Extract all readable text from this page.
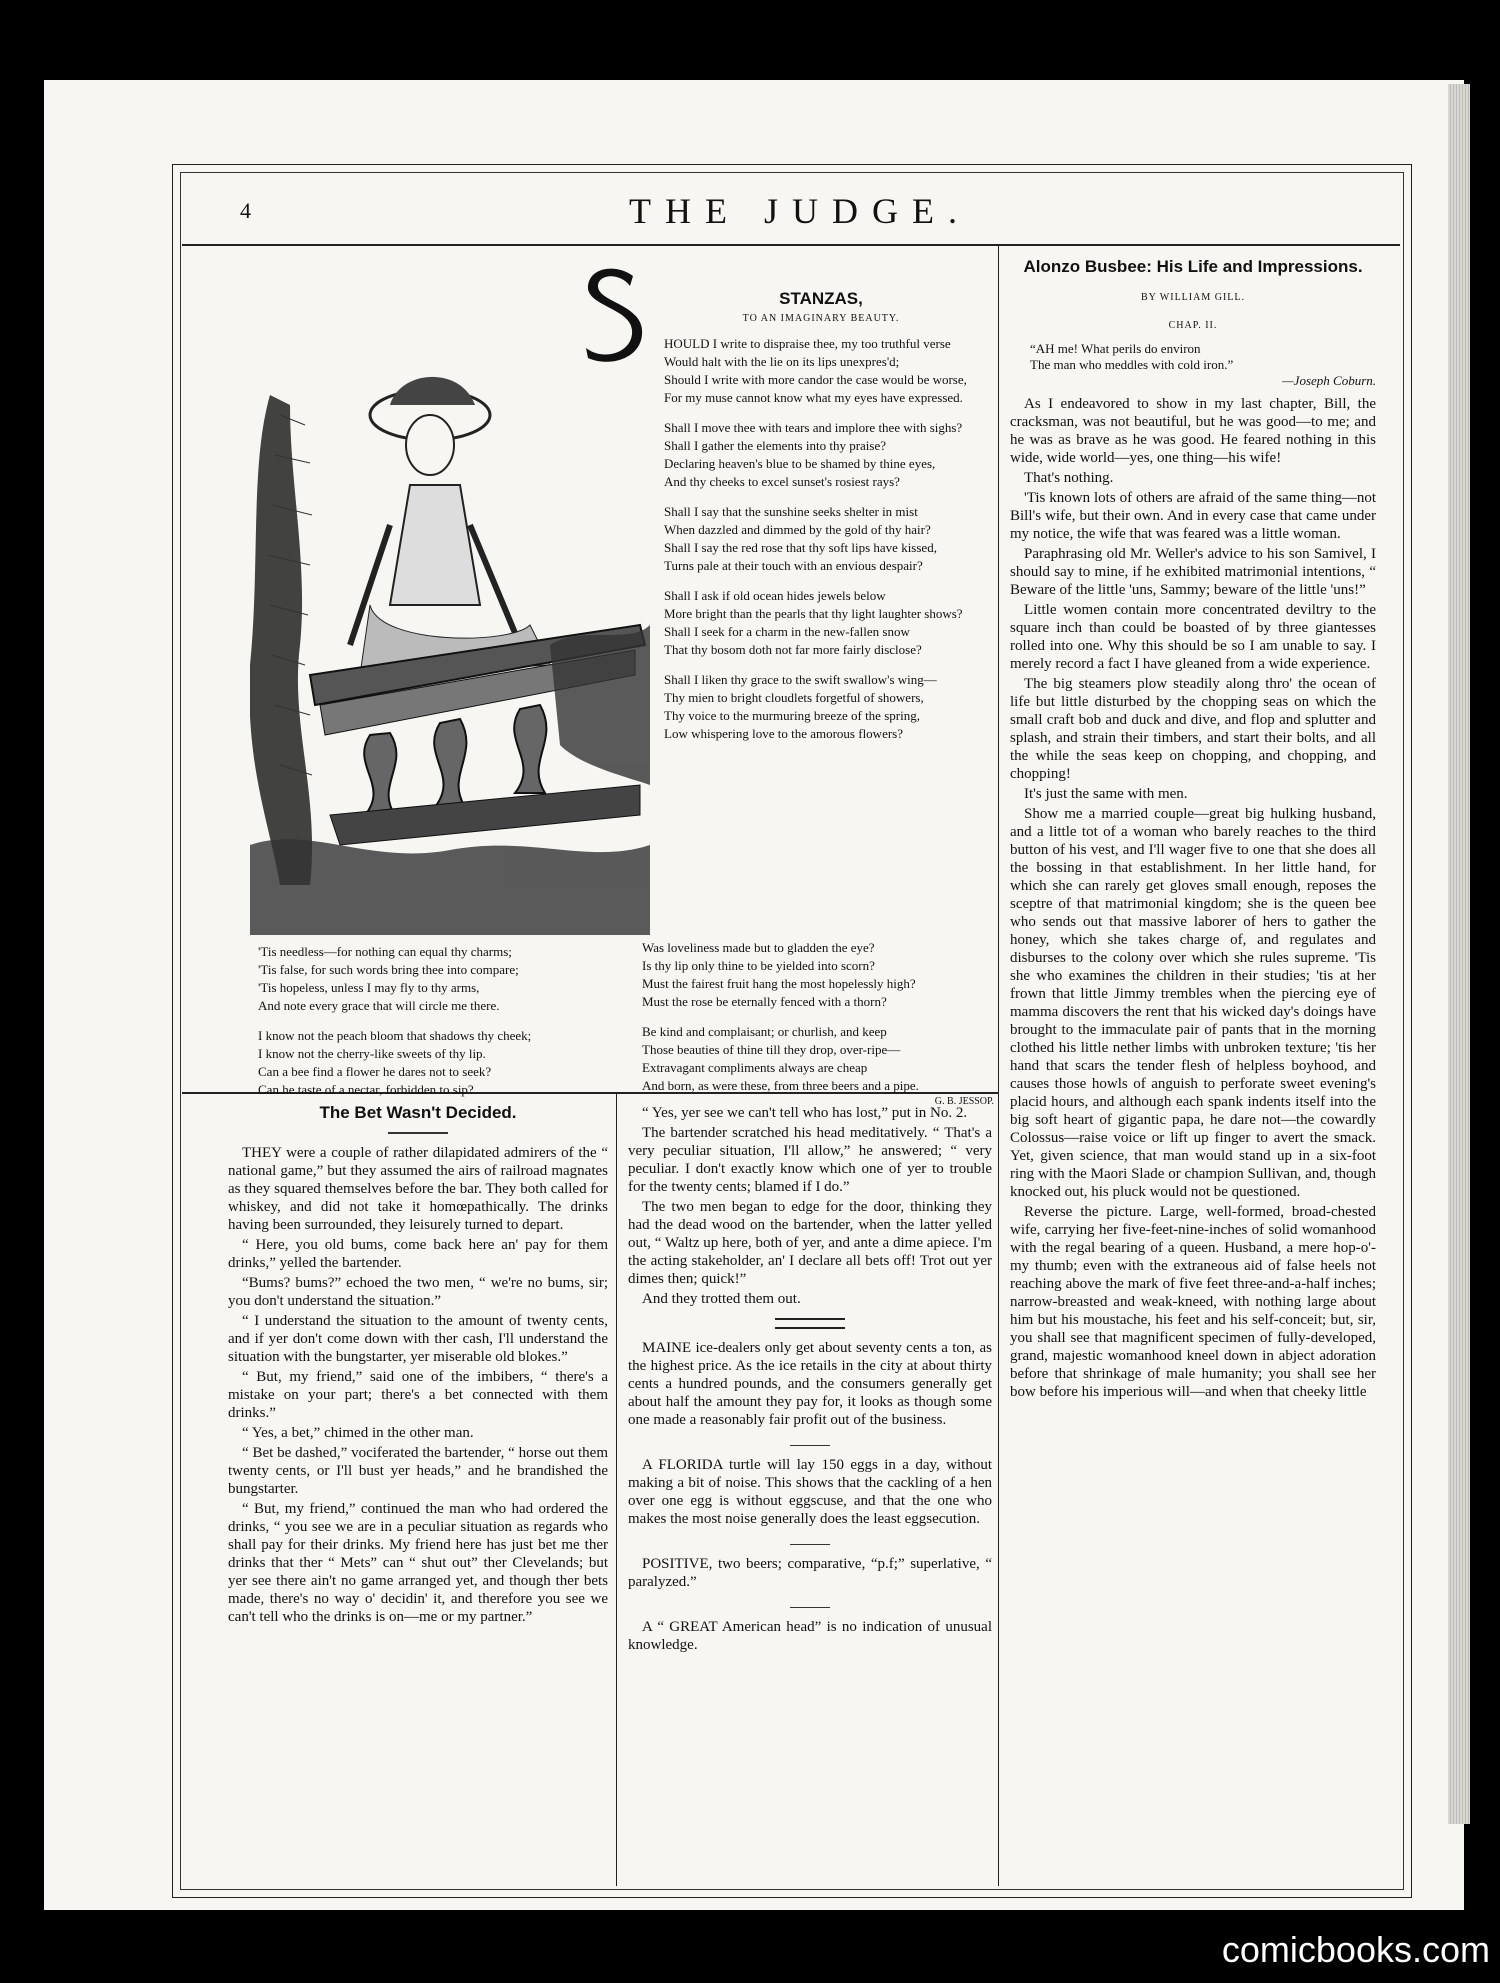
4	THE JUDGE.

STANZAS,

TO AN IMAGINARY BEAUTY.

HOULD I write to dispraise thee, my too truthful verse

Would halt with the lie on its lips unexpres'd;

Should I write with more candor the case would be worse,

For my muse cannot know what my eyes have expressed.

Shall I move thee with tears and implore thee with sighs?

Shall I gather the elements into thy praise?

Declaring heaven's blue to be shamed by thine eyes,

And thy cheeks to excel sunset's rosiest rays?

Shall I say that the sunshine seeks shelter in mist

When dazzled and dimmed by the gold of thy hair?

Shall I say the red rose that thy soft lips have kissed,

Turns pale at their touch with an envious despair?

Shall I ask if old ocean hides jewels below

More bright than the pearls that thy light laughter shows?

Shall I seek for a charm in the new-fallen snow

That thy bosom doth not far more fairly disclose?

Shall I liken thy grace to the swift swallow's wing—

Thy mien to bright cloudlets forgetful of showers,

Thy voice to the murmuring breeze of the spring,

Low whispering love to the amorous flowers?

'Tis needless—for nothing can equal thy charms;

'Tis false, for such words bring thee into compare;

'Tis hopeless, unless I may fly to thy arms,

And note every grace that will circle me there.

I know not the peach bloom that shadows thy cheek;

I know not the cherry-like sweets of thy lip.

Can a bee find a flower he dares not to seek?

Can he taste of a nectar, forbidden to sip?

Was loveliness made but to gladden the eye?

Is thy lip only thine to be yielded into scorn?

Must the fairest fruit hang the most hopelessly high?

Must the rose be eternally fenced with a thorn?

Be kind and complaisant; or churlish, and keep

Those beauties of thine till they drop, over-ripe—

Extravagant compliments always are cheap

And born, as were these, from three beers and a pipe.

G. B. JESSOP.

Alonzo Busbee: His Life and Impressions.

BY WILLIAM GILL.
CHAP. II.
“AH me! What perils do environ
The man who meddles with cold iron.”
—Joseph Coburn.

As I endeavored to show in my last chapter, Bill, the cracksman, was not beautiful, but he was good—to me; and he was as brave as he was good. He feared nothing in this wide, wide world—yes, one thing—his wife!

That's nothing.

'Tis known lots of others are afraid of the same thing—not Bill's wife, but their own. And in every case that came under my notice, the wife that was feared was a little woman.

Paraphrasing old Mr. Weller's advice to his son Samivel, I should say to mine, if he exhibited matrimonial intentions, “ Beware of the little 'uns, Sammy; beware of the little 'uns!”

Little women contain more concentrated deviltry to the square inch than could be boasted of by three giantesses rolled into one. Why this should be so I am unable to say. I merely record a fact I have gleaned from a wide experience.

The big steamers plow steadily along thro' the ocean of life but little disturbed by the chopping seas on which the small craft bob and duck and dive, and flop and splutter and splash, and strain their timbers, and start their bolts, and all the while the seas keep on chopping, and chopping, and chopping!

It's just the same with men.

Show me a married couple—great big hulking husband, and a little tot of a woman who barely reaches to the third button of his vest, and I'll wager five to one that she does all the bossing in that establishment. In her little hand, for which she can rarely get gloves small enough, reposes the sceptre of that matrimonial kingdom; she is the queen bee who sends out that massive laborer of hers to gather the honey, which she takes charge of, and regulates and disburses to the colony over which she rules supreme. 'Tis she who examines the children in their studies; 'tis at her frown that little Jimmy trembles when the piercing eye of mamma discovers the rent that his wicked day's doings have brought to the immaculate pair of pants that in the morning clothed his little nether limbs with unbroken texture; 'tis her hand that scars the tender flesh of helpless boyhood, and causes those howls of anguish to perforate sweet evening's placid hours, and although each spank indents itself into the big soft heart of gigantic papa, he dare not—the cowardly Colossus—raise voice or lift up finger to avert the smack. Yet, given science, that man would stand up in a six-foot ring with the Maori Slade or champion Sullivan, and, though knocked out, his pluck would not be questioned.

Reverse the picture. Large, well-formed, broad-chested wife, carrying her five-feet-nine-inches of solid womanhood with the regal bearing of a queen. Husband, a mere hop-o'-my thumb; even with the extraneous aid of false heels not reaching above the mark of five feet three-and-a-half inches; narrow-breasted and weak-kneed, with nothing large about him but his moustache, his feet and his self-conceit; but, sir, you shall see that magnificent specimen of fully-developed, grand, majestic womanhood kneel down in abject adoration before that shrinkage of male humanity; you shall see her bow before his imperious will—and when that cheeky little

The Bet Wasn't Decided.

THEY were a couple of rather dilapidated admirers of the “ national game,” but they assumed the airs of railroad magnates as they squared themselves before the bar. They both called for whiskey, and did not take it homœpathically. The drinks having been surrounded, they leisurely turned to depart.

“ Here, you old bums, come back here an' pay for them drinks,” yelled the bartender.

“Bums? bums?” echoed the two men, “ we're no bums, sir; you don't understand the situation.”

“ I understand the situation to the amount of twenty cents, and if yer don't come down with ther cash, I'll understand the situation with the bungstarter, yer miserable old blokes.”

“ But, my friend,” said one of the imbibers, “ there's a mistake on your part; there's a bet connected with them drinks.”

“ Yes, a bet,” chimed in the other man.

“ Bet be dashed,” vociferated the bartender, “ horse out them twenty cents, or I'll bust yer heads,” and he brandished the bungstarter.

“ But, my friend,” continued the man who had ordered the drinks, “ you see we are in a peculiar situation as regards who shall pay for their drinks. My friend here has just bet me ther drinks that ther “ Mets” can “ shut out” ther Clevelands; but yer see there ain't no game arranged yet, and though ther bets made, there's no way o' decidin' it, and therefore you see we can't tell who the drinks is on—me or my partner.”

“ Yes, yer see we can't tell who has lost,” put in No. 2.

The bartender scratched his head meditatively. “ That's a very peculiar situation, I'll allow,” he answered; “ very peculiar. I don't exactly know which one of yer to trouble for the twenty cents; blamed if I do.”

The two men began to edge for the door, thinking they had the dead wood on the bartender, when the latter yelled out, “ Waltz up here, both of yer, and ante a dime apiece. I'm the acting stakeholder, an' I declare all bets off! Trot out yer dimes then; quick!”

And they trotted them out.

MAINE ice-dealers only get about seventy cents a ton, as the highest price. As the ice retails in the city at about thirty cents a hundred pounds, and the consumers generally get about half the amount they pay for, it looks as though some one made a reasonably fair profit out of the business.

A FLORIDA turtle will lay 150 eggs in a day, without making a bit of noise. This shows that the cackling of a hen over one egg is without eggscuse, and that the one who makes the most noise generally does the least eggsecution.

POSITIVE, two beers; comparative, “p.f;” superlative, “ paralyzed.”

A “ GREAT American head” is no indication of unusual knowledge.

comicbooks.com
